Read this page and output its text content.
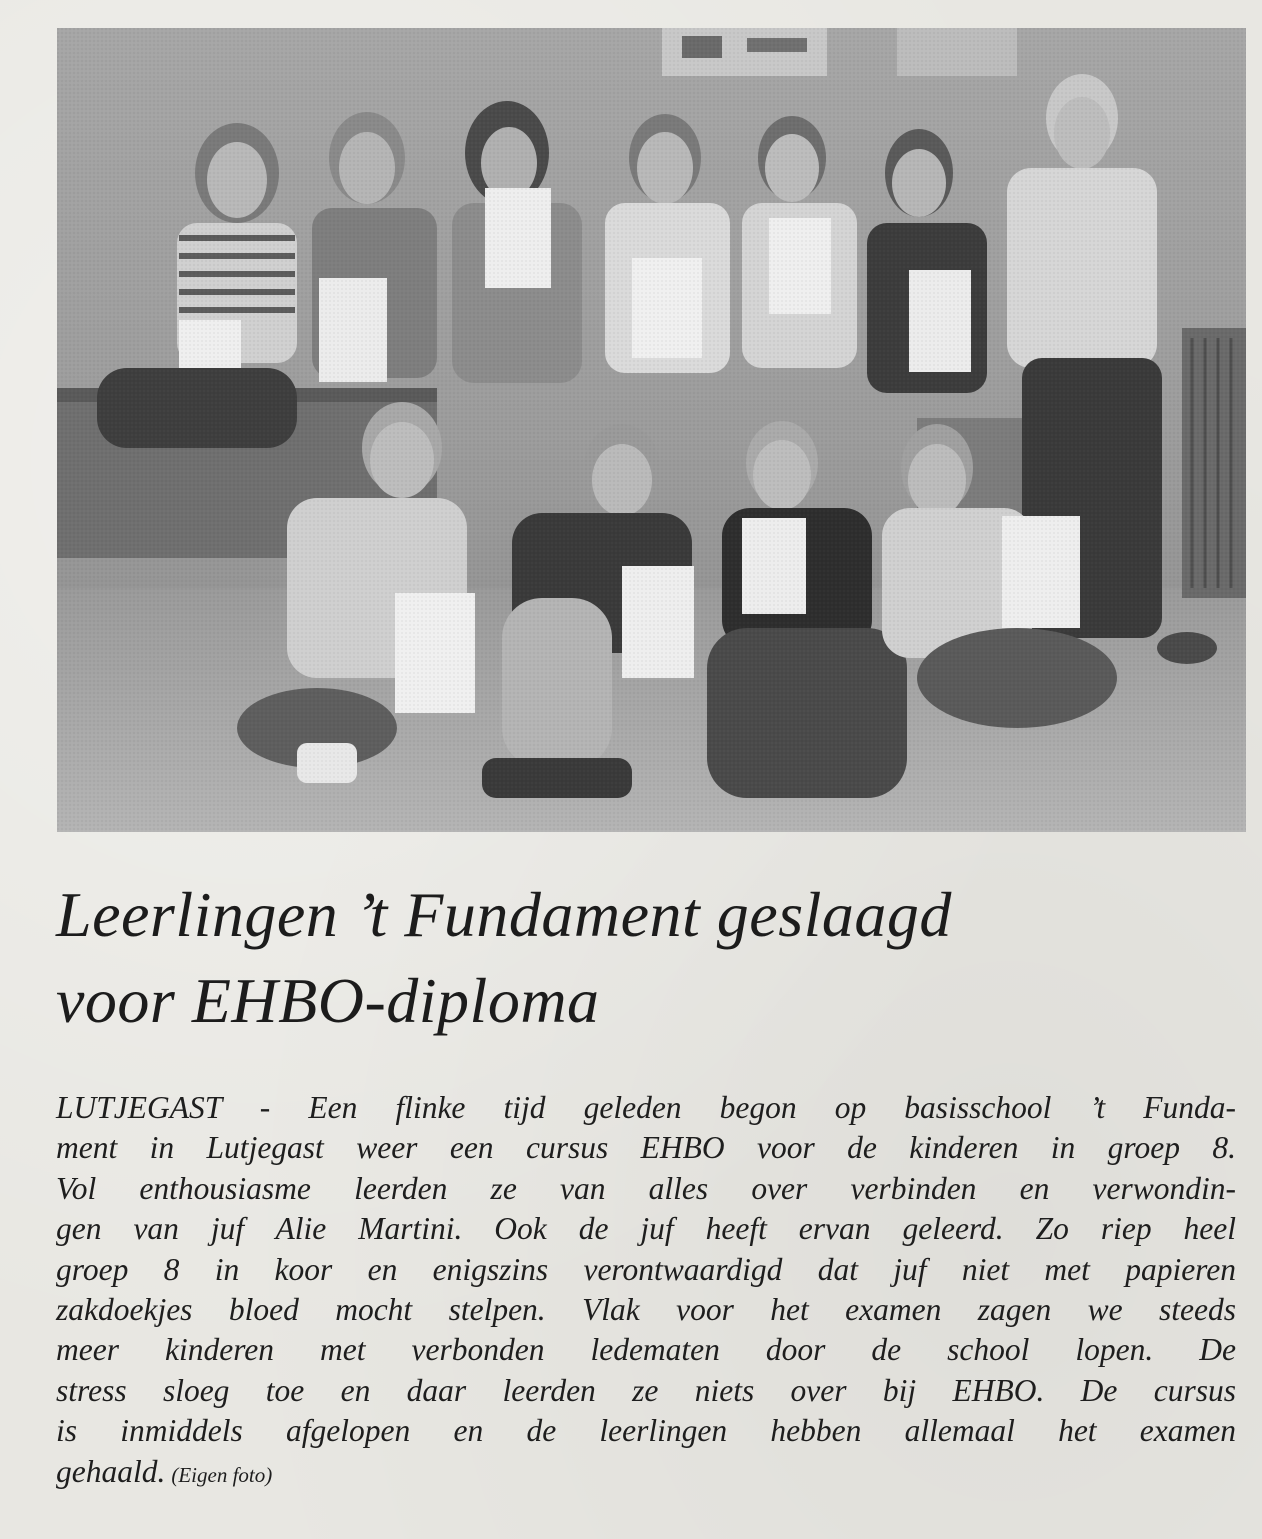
Leerlingen ’t Fundament geslaagd
voor EHBO-diploma
LUTJEGAST - Een flinke tijd geleden begon op basisschool ’t Funda-
ment in Lutjegast weer een cursus EHBO voor de kinderen in groep 8.
Vol enthousiasme leerden ze van alles over verbinden en verwondin-
gen van juf Alie Martini. Ook de juf heeft ervan geleerd. Zo riep heel
groep 8 in koor en enigszins verontwaardigd dat juf niet met papieren
zakdoekjes bloed mocht stelpen. Vlak voor het examen zagen we steeds
meer kinderen met verbonden ledematen door de school lopen. De
stress sloeg toe en daar leerden ze niets over bij EHBO. De cursus
is inmiddels afgelopen en de leerlingen hebben allemaal het examen
gehaald. (Eigen foto)
